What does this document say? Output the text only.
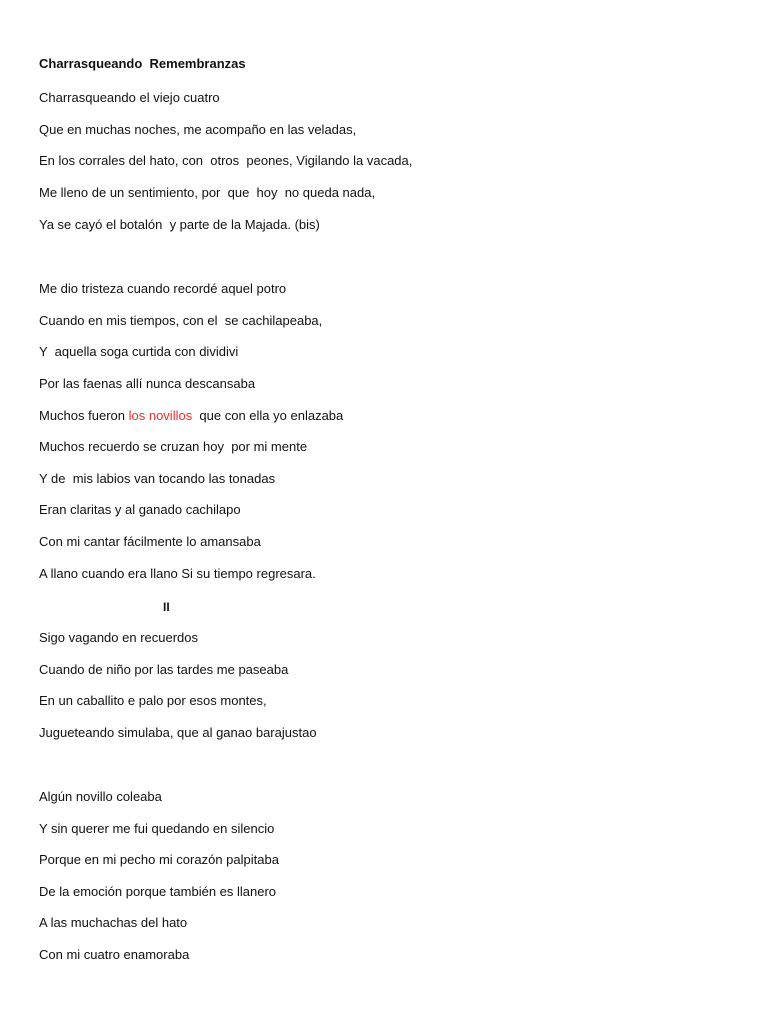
Charrasqueando  Remembranzas

Charrasqueando el viejo cuatro

Que en muchas noches, me acompaño en las veladas,

En los corrales del hato, con  otros  peones, Vigilando la vacada,

Me lleno de un sentimiento, por  que  hoy  no queda nada,

Ya se cayó el botalón  y parte de la Majada. (bis)

Me dio tristeza cuando recordé aquel potro

Cuando en mis tiempos, con el  se cachilapeaba,

Y  aquella soga curtida con dividivi

Por las faenas allí nunca descansaba

Muchos fueron los novillos  que con ella yo enlazaba

Muchos recuerdo se cruzan hoy  por mi mente

Y de  mis labios van tocando las tonadas

Eran claritas y al ganado cachilapo

Con mi cantar fácilmente lo amansaba

A llano cuando era llano Si su tiempo regresara.

II

Sigo vagando en recuerdos

Cuando de niño por las tardes me paseaba

En un caballito e palo por esos montes,

Jugueteando simulaba, que al ganao barajustao

Algún novillo coleaba

Y sin querer me fui quedando en silencio

Porque en mi pecho mi corazón palpitaba

De la emoción porque también es llanero

A las muchachas del hato

Con mi cuatro enamoraba
